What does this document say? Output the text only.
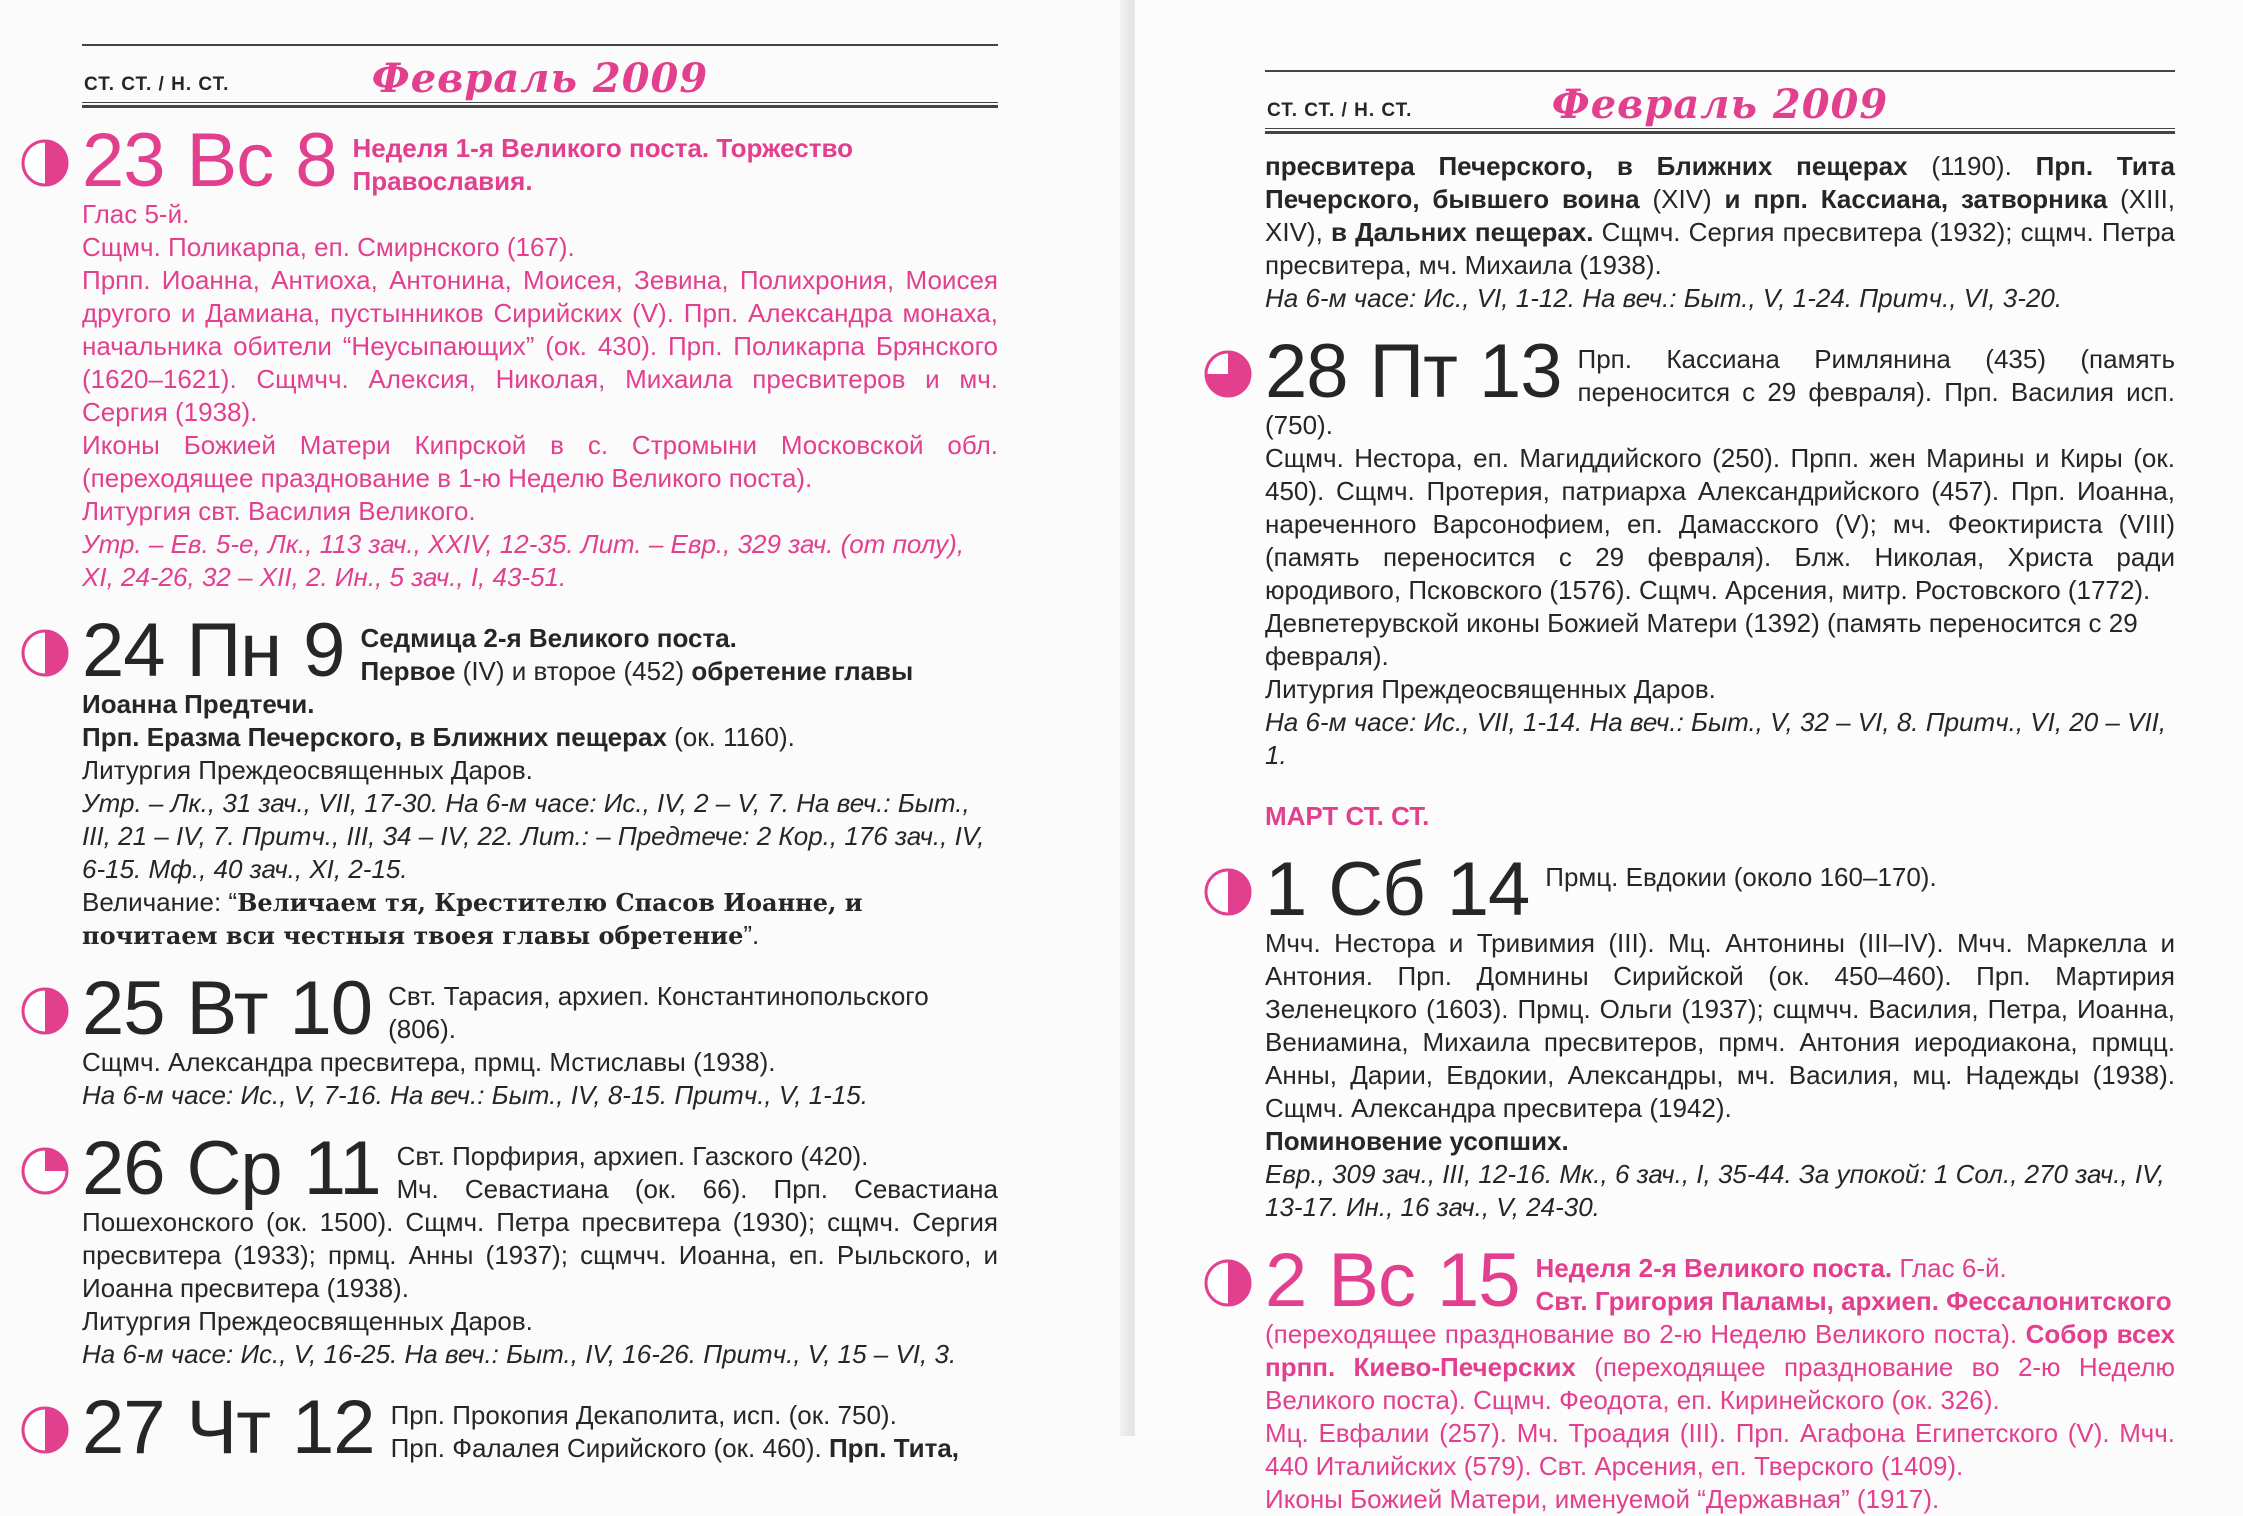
СТ. СТ. / Н. СТ.	Февраль 2009
23 Вс 8 Неделя 1-я Великого поста. Торжество Православия.

Глас 5-й.

Сщмч. Поликарпа, еп. Смирнского (167).

Прпп. Иоанна, Антиоха, Антонина, Моисея, Зевина, Полихрония, Моисея другого и Дамиана, пустынников Сирийских (V). Прп. Александра монаха, начальника обители “Неусыпающих” (ок. 430). Прп. Поликарпа Брянского (1620–1621). Сщмчч. Алексия, Николая, Михаила пресвитеров и мч. Сергия (1938).

Иконы Божией Матери Кипрской в с. Стромыни Московской обл. (переходящее празднование в 1-ю Неделю Великого поста).

Литургия свт. Василия Великого.

Утр. – Ев. 5-е, Лк., 113 зач., XXIV, 12-35. Лит. – Евр., 329 зач. (от полу), XI, 24-26, 32 – XII, 2. Ин., 5 зач., I, 43-51.

24 Пн 9 Седмица 2-я Великого поста.

Первое (IV) и второе (452) обретение главы Иоанна Предтечи.

Прп. Еразма Печерского, в Ближних пещерах (ок. 1160).

Литургия Преждеосвященных Даров.

Утр. – Лк., 31 зач., VII, 17-30. На 6-м часе: Ис., IV, 2 – V, 7. На веч.: Быт., III, 21 – IV, 7. Притч., III, 34 – IV, 22. Лит.: – Предтече: 2 Кор., 176 зач., IV, 6-15. Мф., 40 зач., XI, 2-15.

Величание: “Величаем тя, Крестителю Спасов Иоанне, и почитаем вси честныя твоея главы обретение”.

25 Вт 10 Свт. Тарасия, архиеп. Константинопольского (806).

Сщмч. Александра пресвитера, прмц. Мстиславы (1938).

На 6-м часе: Ис., V, 7-16. На веч.: Быт., IV, 8-15. Притч., V, 1-15.

26 Ср 11 Свт. Порфирия, архиеп. Газского (420).

Мч. Севастиана (ок. 66). Прп. Севастиана Пошехонского (ок. 1500). Сщмч. Петра пресвитера (1930); сщмч. Сергия пресвитера (1933); прмц. Анны (1937); сщмчч. Иоанна, еп. Рыльского, и Иоанна пресвитера (1938).

Литургия Преждеосвященных Даров.

На 6-м часе: Ис., V, 16-25. На веч.: Быт., IV, 16-26. Притч., V, 15 – VI, 3.

27 Чт 12 Прп. Прокопия Декаполита, исп. (ок. 750).

Прп. Фалалея Сирийского (ок. 460). Прп. Тита,

СТ. СТ. / Н. СТ.	Февраль 2009

пресвитера Печерского, в Ближних пещерах (1190). Прп. Тита Печерского, бывшего воина (XIV) и прп. Кассиана, затворника (XIII, XIV), в Дальних пещерах. Сщмч. Сергия пресвитера (1932); сщмч. Петра пресвитера, мч. Михаила (1938).

На 6-м часе: Ис., VI, 1-12. На веч.: Быт., V, 1-24. Притч., VI, 3-20.

28 Пт 13 Прп. Кассиана Римлянина (435) (память переносится с 29 февраля). Прп. Василия исп. (750).

Сщмч. Нестора, еп. Магиддийского (250). Прпп. жен Марины и Киры (ок. 450). Сщмч. Протерия, патриарха Александрийского (457). Прп. Иоанна, нареченного Варсонофием, еп. Дамасского (V); мч. Феоктириста (VIII) (память переносится с 29 февраля). Блж. Николая, Христа ради юродивого, Псковского (1576). Сщмч. Арсения, митр. Ростовского (1772).

Девпетерувской иконы Божией Матери (1392) (память переносится с 29 февраля).

Литургия Преждеосвященных Даров.

На 6-м часе: Ис., VII, 1-14. На веч.: Быт., V, 32 – VI, 8. Притч., VI, 20 – VII, 1.

МАРТ СТ. СТ.

1 Сб 14 Прмц. Евдокии (около 160–170).

Мчч. Нестора и Тривимия (III). Мц. Антонины (III–IV). Мчч. Маркелла и Антония. Прп. Домнины Сирийской (ок. 450–460). Прп. Мартирия Зеленецкого (1603). Прмц. Ольги (1937); сщмчч. Василия, Петра, Иоанна, Вениамина, Михаила пресвитеров, прмч. Антония иеродиакона, прмцц. Анны, Дарии, Евдокии, Александры, мч. Василия, мц. Надежды (1938). Сщмч. Александра пресвитера (1942).

Поминовение усопших.

Евр., 309 зач., III, 12-16. Мк., 6 зач., I, 35-44. За упокой: 1 Сол., 270 зач., IV, 13-17. Ин., 16 зач., V, 24-30.

2 Вс 15 Неделя 2-я Великого поста. Глас 6-й.

Свт. Григория Паламы, архиеп. Фессалонитского

(переходящее празднование во 2-ю Неделю Великого поста). Собор всех прпп. Киево-Печерских (переходящее празднование во 2-ю Неделю Великого поста). Сщмч. Феодота, еп. Киринейского (ок. 326).

Мц. Евфалии (257). Мч. Троадия (III). Прп. Агафона Египетского (V). Мчч. 440 Италийских (579). Свт. Арсения, еп. Тверского (1409).

Иконы Божией Матери, именуемой “Державная” (1917).
